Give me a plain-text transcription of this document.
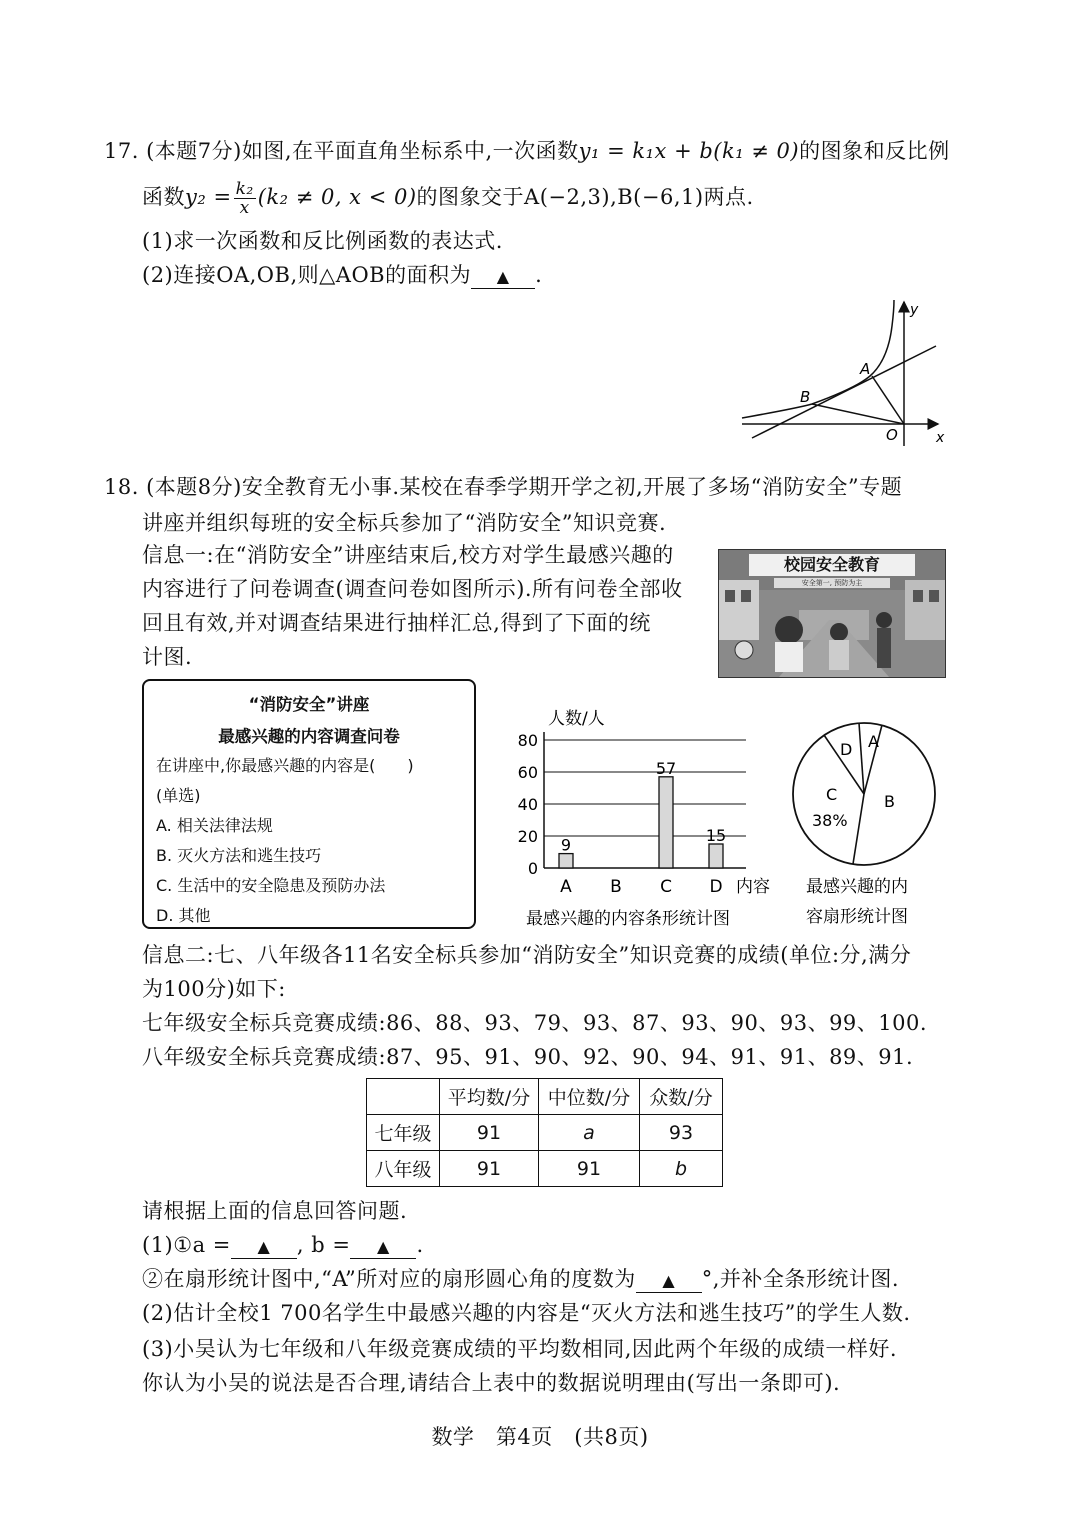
17. (本题7分)如图,在平面直角坐标系中,一次函数y₁ = k₁x + b(k₁ ≠ 0)的图象和反比例
函数$y_2 = \frac{\text{k₂}}{x} (k_2 \ne 0$, x < 0)的图象交于A(−2,3),B(−6,1)两点.
(1)求一次函数和反比例函数的表达式.
(2)连接OA,OB,则△AOB的面积为 ▲ .
y
x
O
A
B
18. (本题8分)安全教育无小事.某校在春季学期开学之初,开展了多场“消防安全”专题
讲座并组织每班的安全标兵参加了“消防安全”知识竞赛.
信息一:在“消防安全”讲座结束后,校方对学生最感兴趣的
内容进行了问卷调查(调查问卷如图所示).所有问卷全部收
回且有效,并对调查结果进行抽样汇总,得到了下面的统
计图.
校园安全教育
安全第一, 预防为主
“消防安全”讲座
最感兴趣的内容调查问卷
在讲座中,你最感兴趣的内容是(　　)
(单选)
A. 相关法律法规
B. 灭火方法和逃生技巧
C. 生活中的安全隐患及预防办法
D. 其他
0
20
40
60
80
9
A B
57
C
15
D
人数/人
内容
最感兴趣的内容条形统计图
D A
B
C
38%
最感兴趣的内
容扇形统计图
信息二:七、八年级各11名安全标兵参加“消防安全”知识竞赛的成绩(单位:分,满分
为100分)如下:
七年级安全标兵竞赛成绩:86、88、93、79、93、87、93、90、93、99、100.
八年级安全标兵竞赛成绩:87、95、91、90、92、90、94、91、91、89、91.
	平均数/分	中位数/分	众数/分
七年级	91	a	93
八年级	91	91	b
请根据上面的信息回答问题.
(1)①a = ▲ , b = ▲ .
②在扇形统计图中,“A”所对应的扇形圆心角的度数为 ▲ °,并补全条形统计图.
(2)估计全校1 700名学生中最感兴趣的内容是“灭火方法和逃生技巧”的学生人数.
(3)小吴认为七年级和八年级竞赛成绩的平均数相同,因此两个年级的成绩一样好.
你认为小吴的说法是否合理,请结合上表中的数据说明理由(写出一条即可).
数学　第4页　(共8页)
